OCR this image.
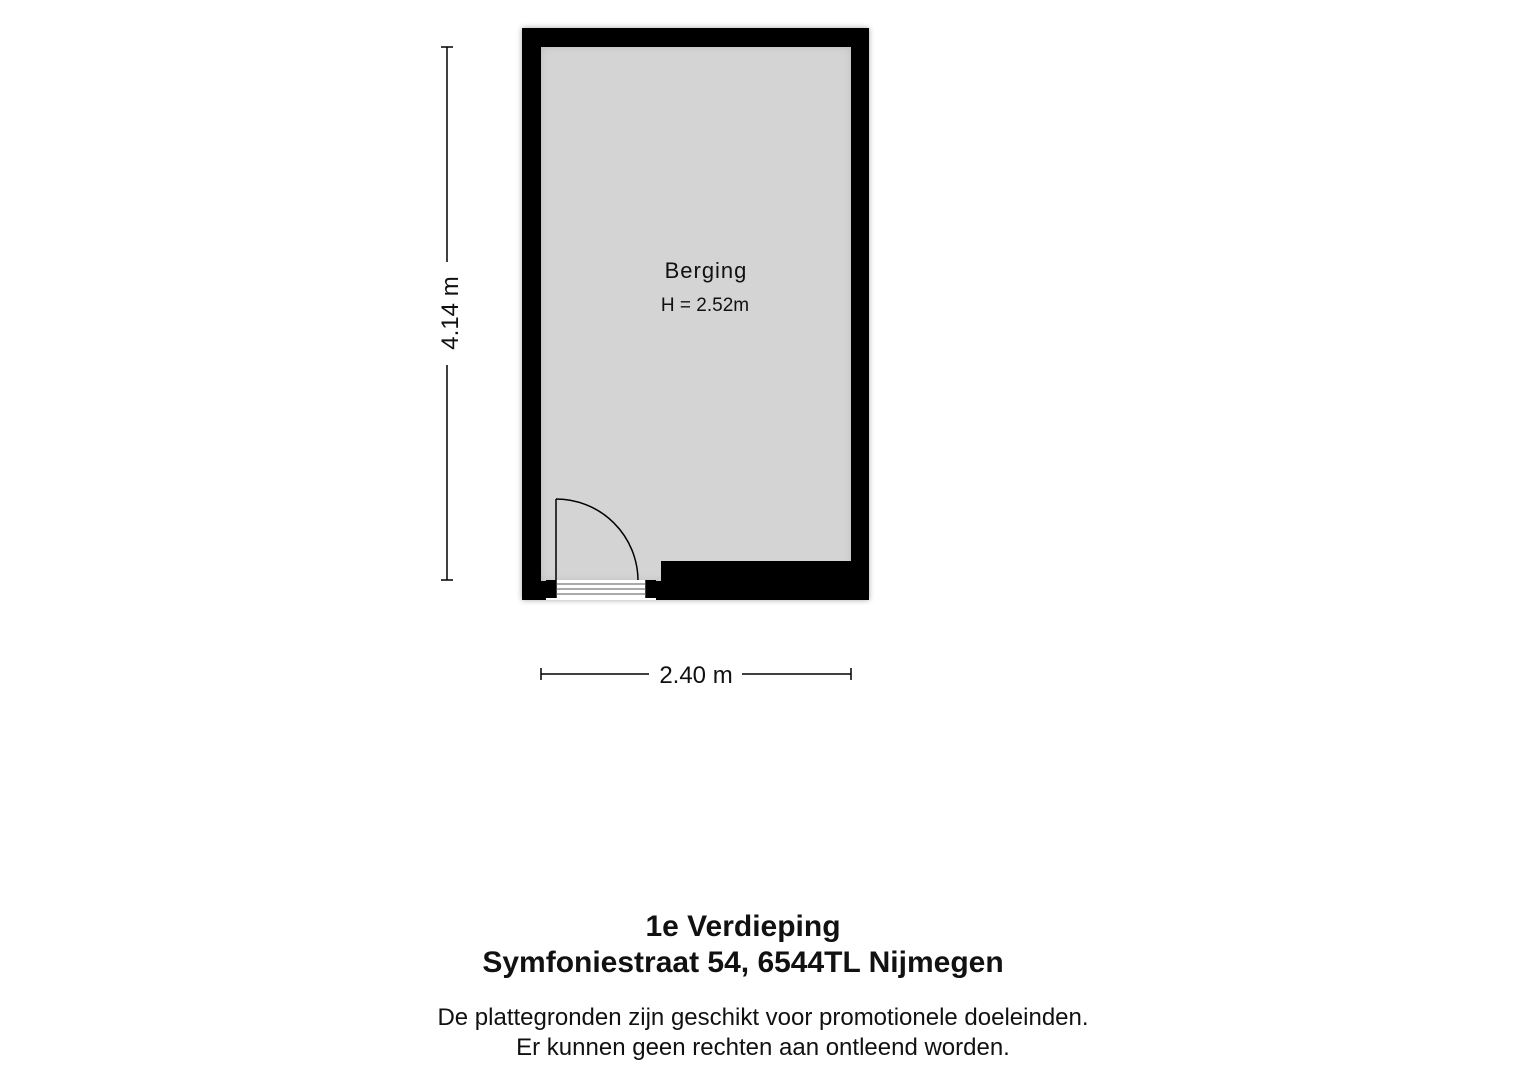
Berging
H = 2.52m
4.14 m
2.40 m
1e Verdieping
Symfoniestraat 54, 6544TL Nijmegen
De plattegronden zijn geschikt voor promotionele doeleinden.
Er kunnen geen rechten aan ontleend worden.
